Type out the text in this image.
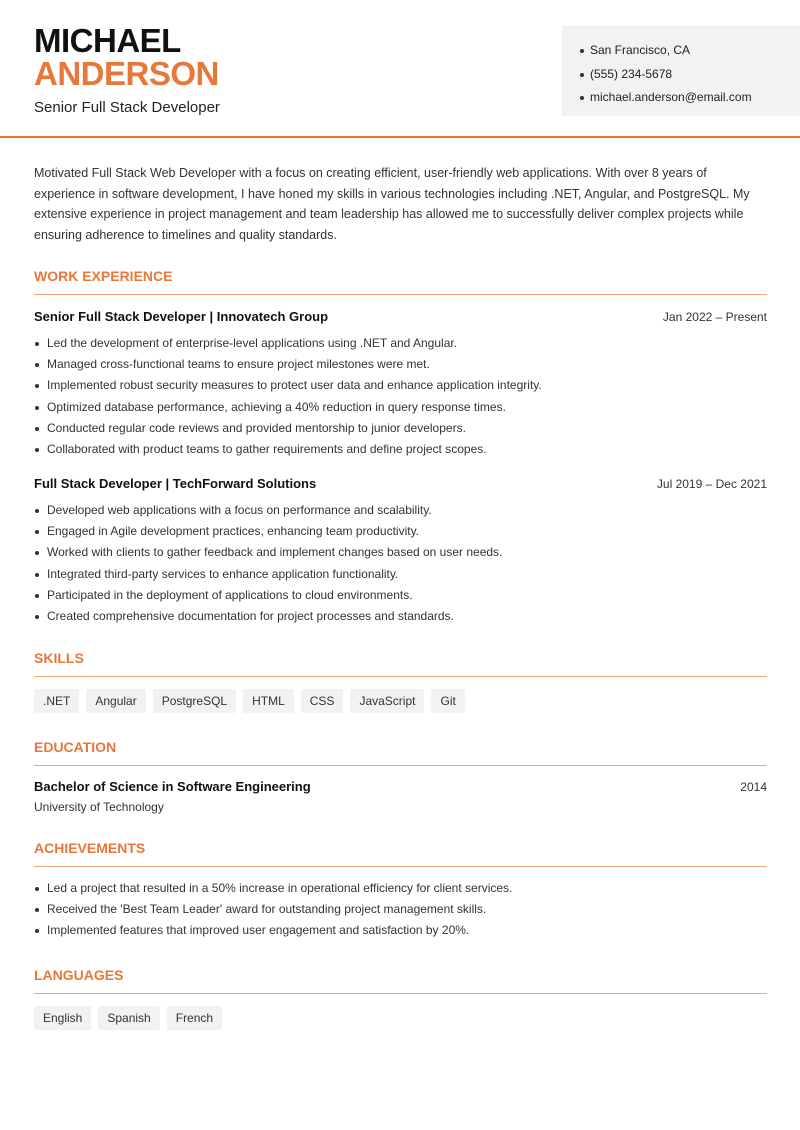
MICHAEL
ANDERSON
Senior Full Stack Developer
San Francisco, CA
(555) 234-5678
michael.anderson@email.com

Motivated Full Stack Web Developer with a focus on creating efficient, user-friendly web applications. With over 8 years of experience in software development, I have honed my skills in various technologies including .NET, Angular, and PostgreSQL. My extensive experience in project management and team leadership has allowed me to successfully deliver complex projects while ensuring adherence to timelines and quality standards.

WORK EXPERIENCE
Senior Full Stack Developer | Innovatech Group	Jan 2022 – Present
Led the development of enterprise-level applications using .NET and Angular.
Managed cross-functional teams to ensure project milestones were met.
Implemented robust security measures to protect user data and enhance application integrity.
Optimized database performance, achieving a 40% reduction in query response times.
Conducted regular code reviews and provided mentorship to junior developers.
Collaborated with product teams to gather requirements and define project scopes.
Full Stack Developer | TechForward Solutions	Jul 2019 – Dec 2021
Developed web applications with a focus on performance and scalability.
Engaged in Agile development practices, enhancing team productivity.
Worked with clients to gather feedback and implement changes based on user needs.
Integrated third-party services to enhance application functionality.
Participated in the deployment of applications to cloud environments.
Created comprehensive documentation for project processes and standards.
SKILLS
.NET	Angular	PostgreSQL	HTML	CSS	JavaScript	Git
EDUCATION
Bachelor of Science in Software Engineering	2014
University of Technology
ACHIEVEMENTS
Led a project that resulted in a 50% increase in operational efficiency for client services.
Received the 'Best Team Leader' award for outstanding project management skills.
Implemented features that improved user engagement and satisfaction by 20%.
LANGUAGES
English	Spanish	French
